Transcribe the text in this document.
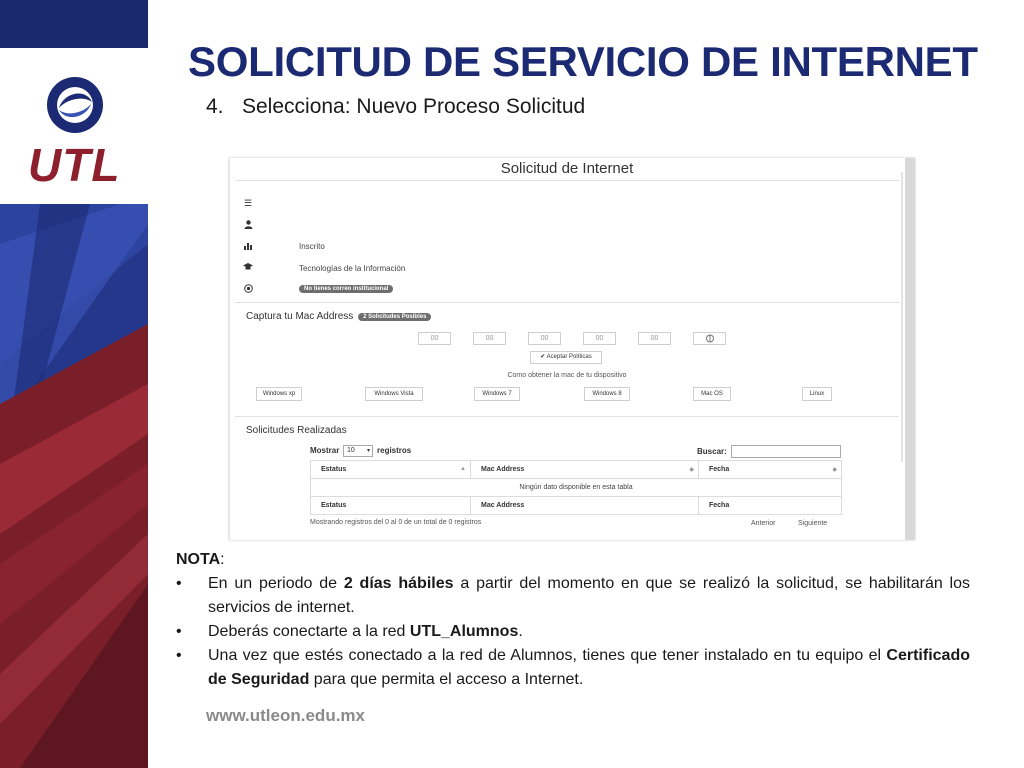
UTL
SOLICITUD DE SERVICIO DE INTERNET
4. Selecciona: Nuevo Proceso Solicitud
Solicitud de Internet
☰
Inscrito
Tecnologías de la Información
No tienes correo institucional
Captura tu Mac Address 2 Solicitudes Posibles
00	00	00	00	00
✔ Aceptar Políticas
Como obtener la mac de tu dispositivo
Windows xp	Windows Vista	Windows 7	Windows 8	Mac OS	Linux
Solicitudes Realizadas
Mostrar	10 ▾ registros	Buscar:
Estatus ▲	Mac Address ◆	Fecha ◆

Ningún dato disponible en esta tabla		
Estatus	Mac Address	Fecha
Mostrando registros del 0 al 0 de un total de 0 registros	Anterior	Siguiente
NOTA:
•	En un periodo de 2 días hábiles a partir del momento en que se realizó la solicitud, se habilitarán los servicios de internet.
•	Deberás conectarte a la red UTL_Alumnos.
•	Una vez que estés conectado a la red de Alumnos, tienes que tener instalado en tu equipo el Certificado de Seguridad para que permita el acceso a Internet.
www.utleon.edu.mx
